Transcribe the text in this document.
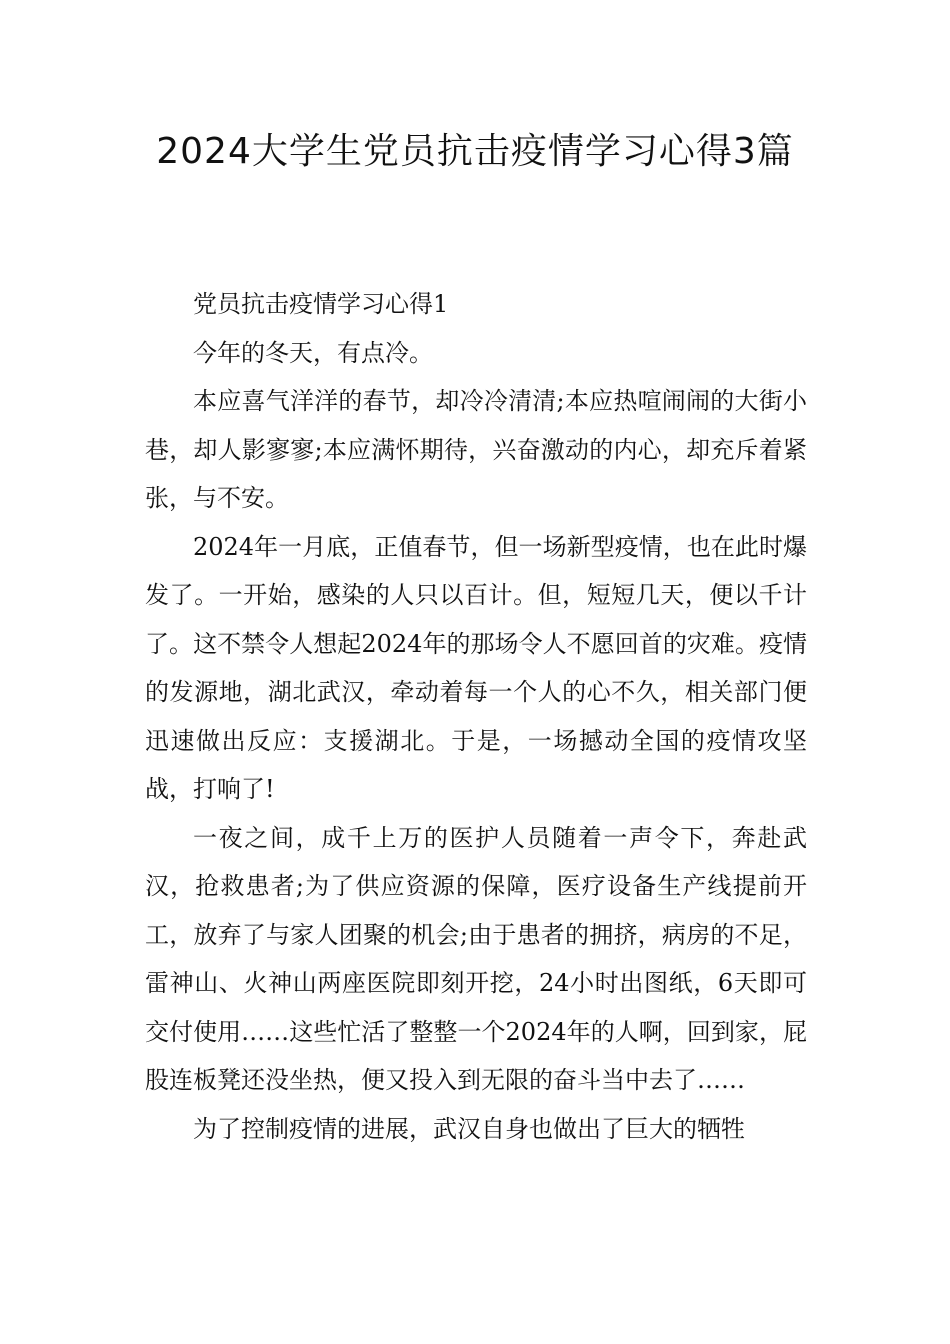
2024大学生党员抗击疫情学习心得3篇

党员抗击疫情学习心得1

今年的冬天，有点冷。

本应喜气洋洋的春节，却冷冷清清;本应热喧闹闹的大街小巷，却人影寥寥;本应满怀期待，兴奋激动的内心，却充斥着紧张，与不安。

2024年一月底，正值春节，但一场新型疫情，也在此时爆发了。一开始，感染的人只以百计。但，短短几天，便以千计了。这不禁令人想起2024年的那场令人不愿回首的灾难。疫情的发源地，湖北武汉，牵动着每一个人的心不久，相关部门便迅速做出反应：支援湖北。于是，一场撼动全国的疫情攻坚战，打响了!

一夜之间，成千上万的医护人员随着一声令下，奔赴武汉，抢救患者;为了供应资源的保障，医疗设备生产线提前开工，放弃了与家人团聚的机会;由于患者的拥挤，病房的不足，雷神山、火神山两座医院即刻开挖，24小时出图纸，6天即可交付使用……这些忙活了整整一个2024年的人啊，回到家，屁股连板凳还没坐热，便又投入到无限的奋斗当中去了……

为了控制疫情的进展，武汉自身也做出了巨大的牺牲
